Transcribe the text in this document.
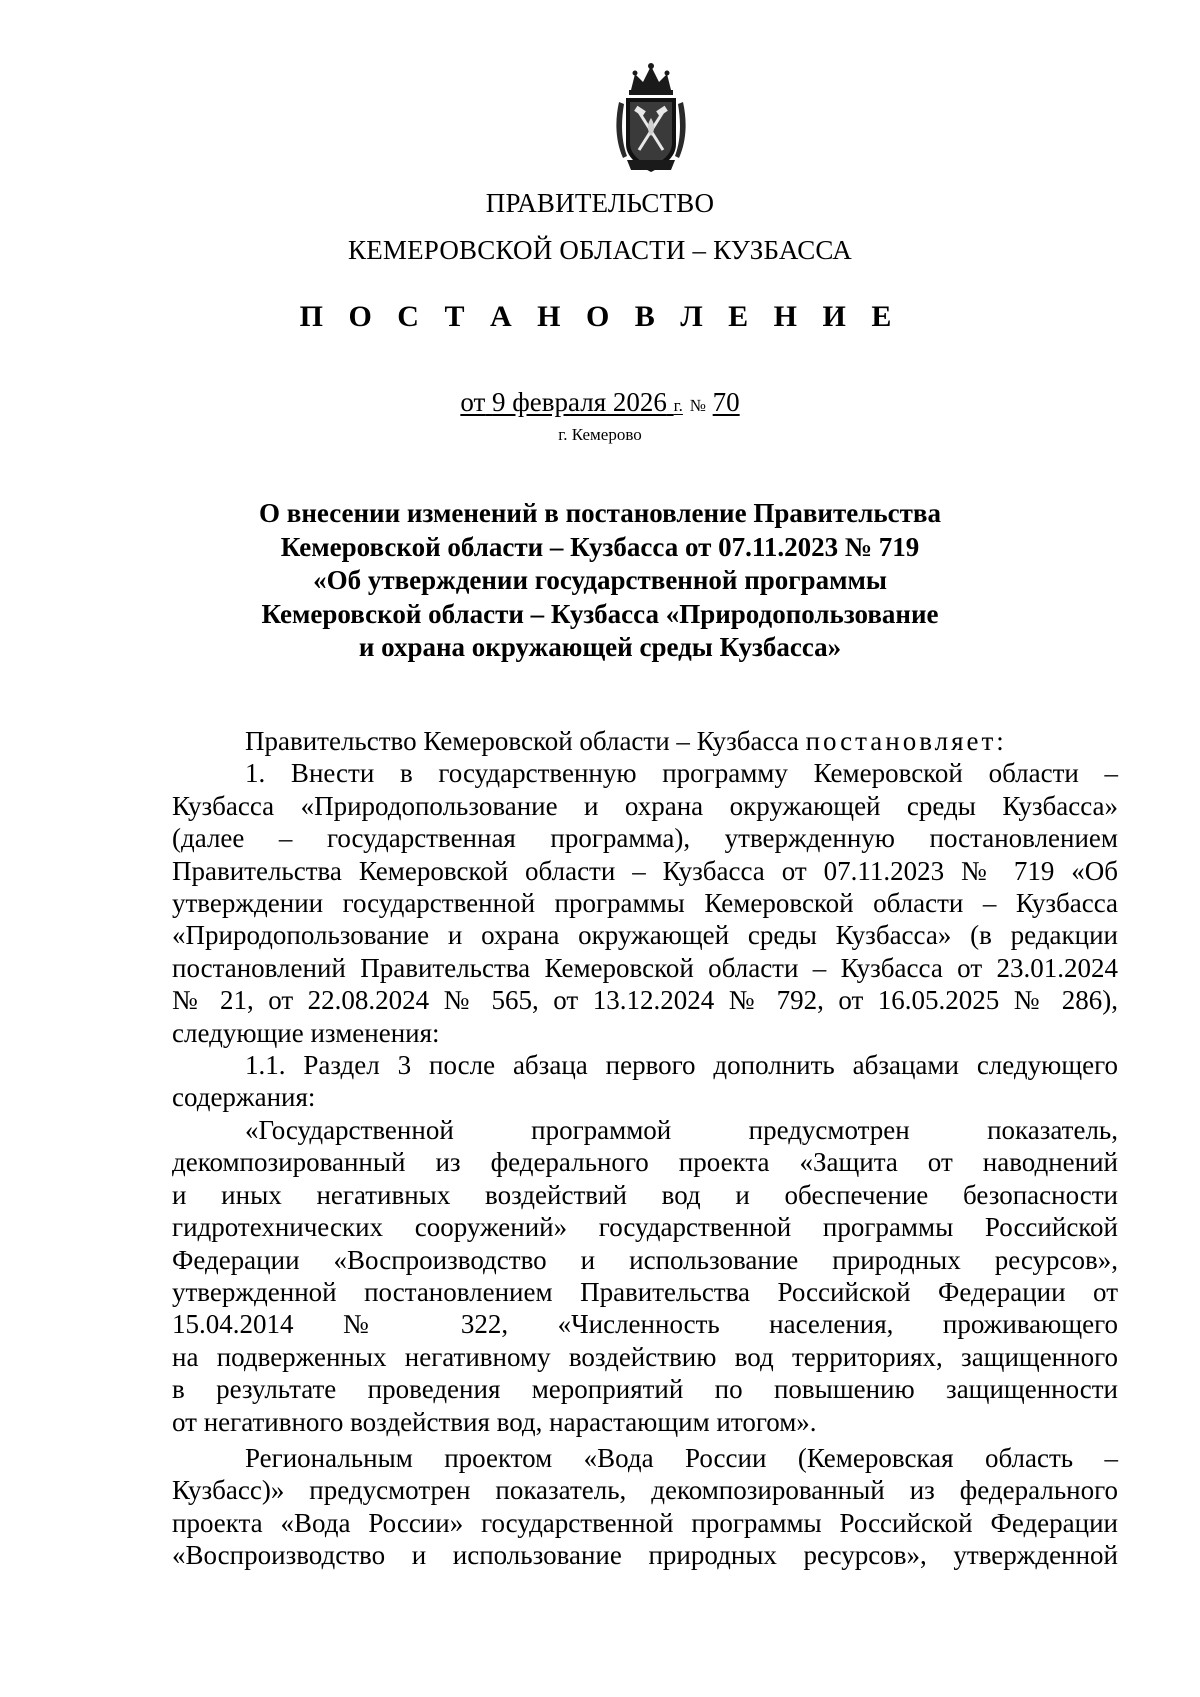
ПРАВИТЕЛЬСТВО
КЕМЕРОВСКОЙ ОБЛАСТИ – КУЗБАССА
П О С Т А Н О В Л Е Н И Е
от 9 февраля 2026 г. № 70
г. Кемерово
О внесении изменений в постановление Правительства
Кемеровской области – Кузбасса от 07.11.2023 № 719
«Об утверждении государственной программы
Кемеровской области – Кузбасса «Природопользование
и охрана окружающей среды Кузбасса»
Правительство Кемеровской области – Кузбасса постановляет:
1. Внести в государственную программу Кемеровской области –
Кузбасса «Природопользование и охрана окружающей среды Кузбасса»
(далее – государственная программа), утвержденную постановлением
Правительства Кемеровской области – Кузбасса от 07.11.2023 № 719 «Об
утверждении государственной программы Кемеровской области – Кузбасса
«Природопользование и охрана окружающей среды Кузбасса» (в редакции
постановлений Правительства Кемеровской области – Кузбасса от 23.01.2024
№ 21, от 22.08.2024 № 565, от 13.12.2024 № 792, от 16.05.2025 № 286),
следующие изменения:
1.1. Раздел 3 после абзаца первого дополнить абзацами следующего
содержания:
«Государственной программой предусмотрен показатель,
декомпозированный из федерального проекта «Защита от наводнений
и иных негативных воздействий вод и обеспечение безопасности
гидротехнических сооружений» государственной программы Российской
Федерации «Воспроизводство и использование природных ресурсов»,
утвержденной постановлением Правительства Российской Федерации от
15.04.2014 № 322, «Численность населения, проживающего
на подверженных негативному воздействию вод территориях, защищенного
в результате проведения мероприятий по повышению защищенности
от негативного воздействия вод, нарастающим итогом».
Региональным проектом «Вода России (Кемеровская область –
Кузбасс)» предусмотрен показатель, декомпозированный из федерального
проекта «Вода России» государственной программы Российской Федерации
«Воспроизводство и использование природных ресурсов», утвержденной
